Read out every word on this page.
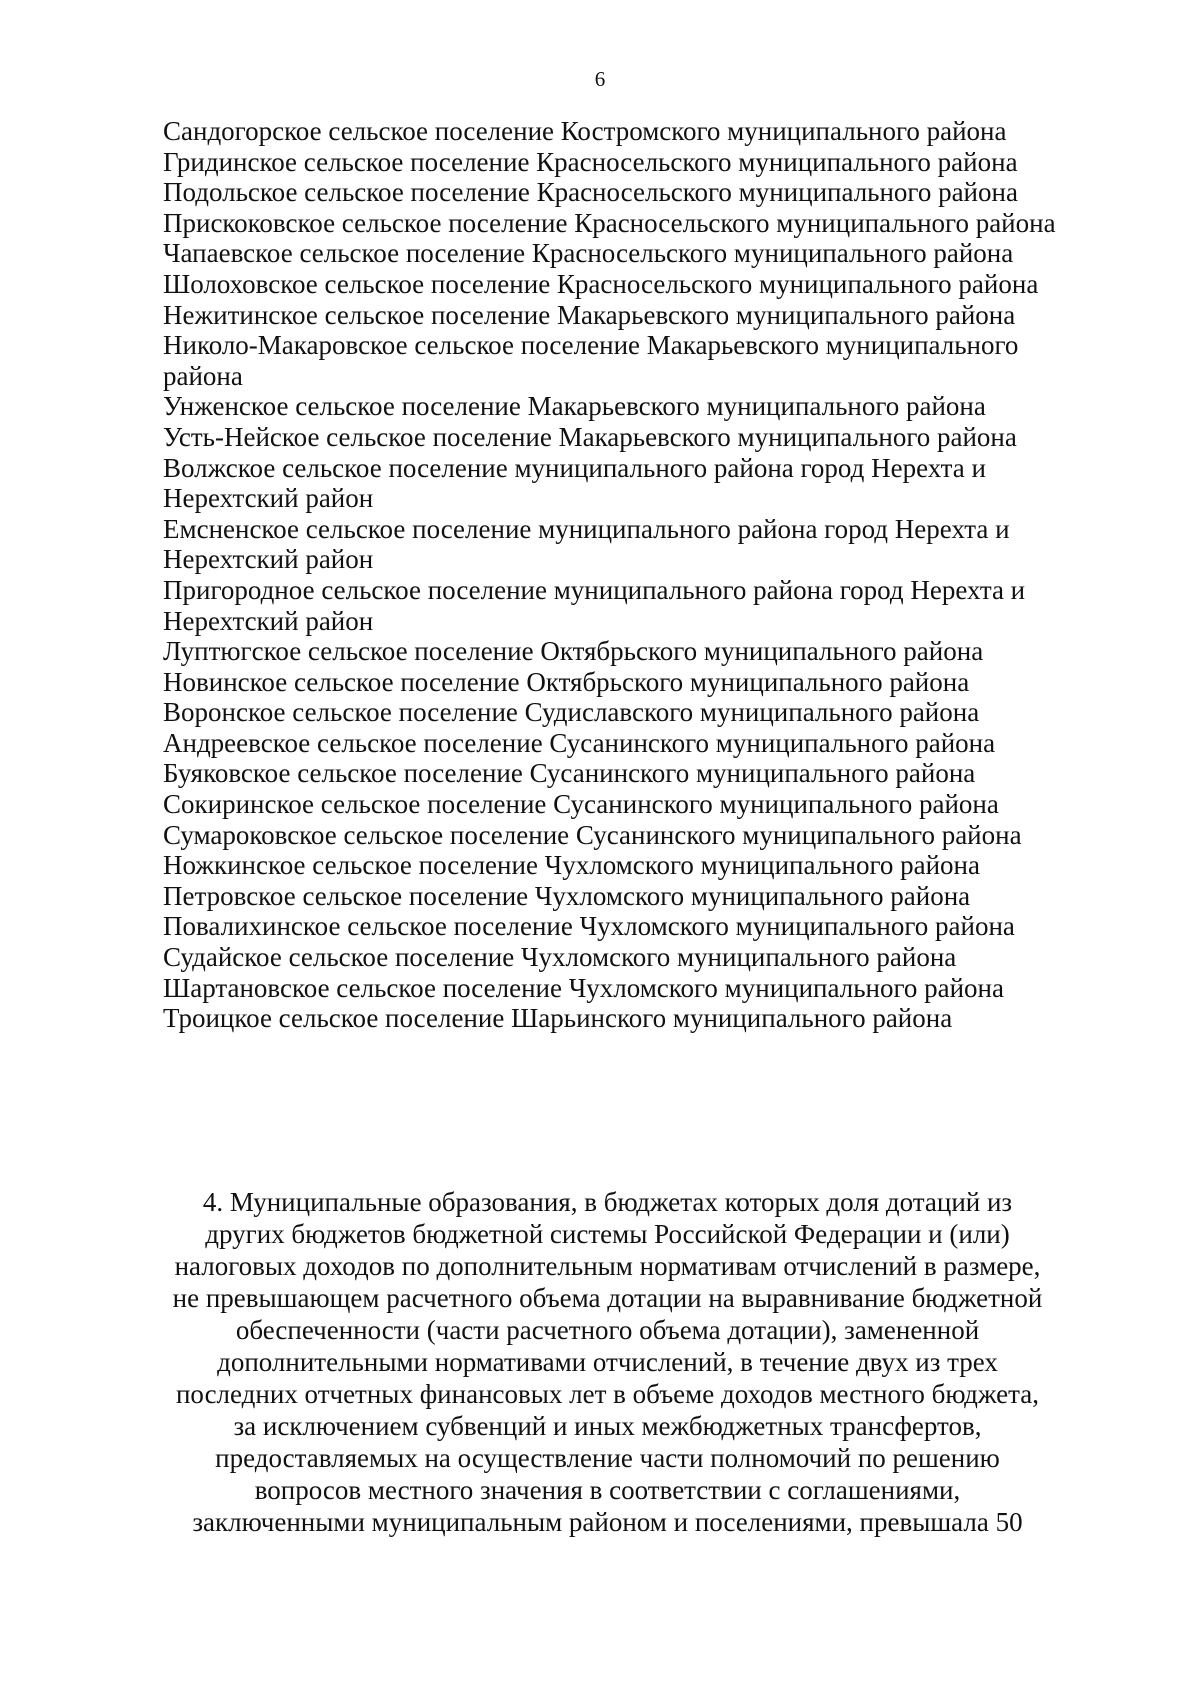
6
Сандогорское сельское поселение Костромского муниципального района
Гридинское сельское поселение Красносельского муниципального района
Подольское сельское поселение Красносельского муниципального района
Прискоковское сельское поселение Красносельского муниципального района
Чапаевское сельское поселение Красносельского муниципального района
Шолоховское сельское поселение Красносельского муниципального района
Нежитинское сельское поселение Макарьевского муниципального района
Николо-Макаровское сельское поселение Макарьевского муниципального района
Унженское сельское поселение Макарьевского муниципального района
Усть-Нейское сельское поселение Макарьевского муниципального района
Волжское сельское поселение муниципального района город Нерехта и Нерехтский район
Емсненское сельское поселение муниципального района город Нерехта и Нерехтский район
Пригородное сельское поселение муниципального района город Нерехта и Нерехтский район
Луптюгское сельское поселение Октябрьского муниципального района
Новинское сельское поселение Октябрьского муниципального района
Воронское сельское поселение Судиславского муниципального района
Андреевское сельское поселение Сусанинского муниципального района
Буяковское сельское поселение Сусанинского муниципального района
Сокиринское сельское поселение Сусанинского муниципального района
Сумароковское сельское поселение Сусанинского муниципального района
Ножкинское сельское поселение Чухломского муниципального района
Петровское сельское поселение Чухломского муниципального района
Повалихинское сельское поселение Чухломского муниципального района
Судайское сельское поселение Чухломского муниципального района
Шартановское сельское поселение Чухломского муниципального района
Троицкое сельское поселение Шарьинского муниципального района

4. Муниципальные образования, в бюджетах которых доля дотаций из
других бюджетов бюджетной системы Российской Федерации и (или)
налоговых доходов по дополнительным нормативам отчислений в размере,
не превышающем расчетного объема дотации на выравнивание бюджетной
обеспеченности (части расчетного объема дотации), замененной
дополнительными нормативами отчислений, в течение двух из трех
последних отчетных финансовых лет в объеме доходов местного бюджета,
за исключением субвенций и иных межбюджетных трансфертов,
предоставляемых на осуществление части полномочий по решению
вопросов местного значения в соответствии с соглашениями,
заключенными муниципальным районом и поселениями, превышала 50
